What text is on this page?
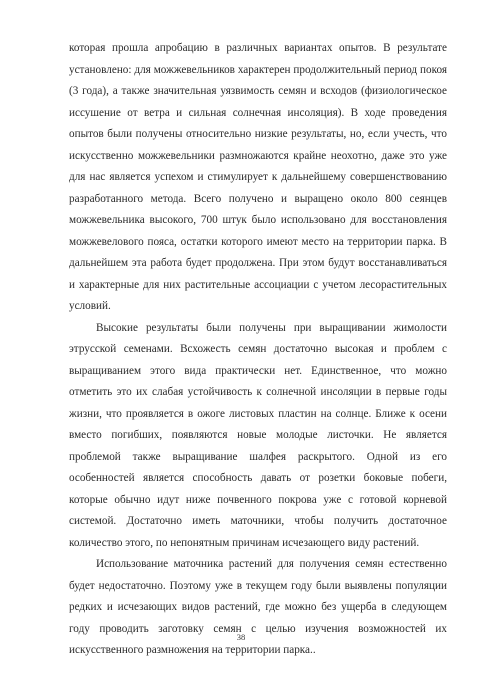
которая прошла апробацию в различных вариантах опытов. В результате установлено: для можжевельников характерен продолжительный период покоя (3 года), а также значительная уязвимость семян и всходов (физиологическое иссушение от ветра и сильная солнечная инсоляция). В ходе проведения опытов были получены относительно низкие результаты, но, если учесть, что искусственно можжевельники размножаются крайне неохотно, даже это уже для нас является успехом и стимулирует к дальнейшему совершенствованию разработанного метода. Всего получено и выращено около 800 сеянцев можжевельника высокого, 700 штук было использовано для восстановления можжевелового пояса, остатки которого имеют место на территории парка. В дальнейшем эта работа будет продолжена. При этом будут восстанавливаться и характерные для них растительные ассоциации с учетом лесорастительных условий.

Высокие результаты были получены при выращивании жимолости этрусской семенами. Всхожесть семян достаточно высокая и проблем с выращиванием этого вида практически нет. Единственное, что можно отметить это их слабая устойчивость к солнечной инсоляции в первые годы жизни, что проявляется в ожоге листовых пластин на солнце. Ближе к осени вместо погибших, появляются новые молодые листочки. Не является проблемой также выращивание шалфея раскрытого. Одной из его особенностей является способность давать от розетки боковые побеги, которые обычно идут ниже почвенного покрова уже с готовой корневой системой. Достаточно иметь маточники, чтобы получить достаточное количество этого, по непонятным причинам исчезающего виду растений.

Использование маточника растений для получения семян естественно будет недостаточно. Поэтому уже в текущем году были выявлены популяции редких и исчезающих видов растений, где можно без ущерба в следующем году проводить заготовку семян с целью изучения возможностей их искусственного размножения на территории парка..

38
